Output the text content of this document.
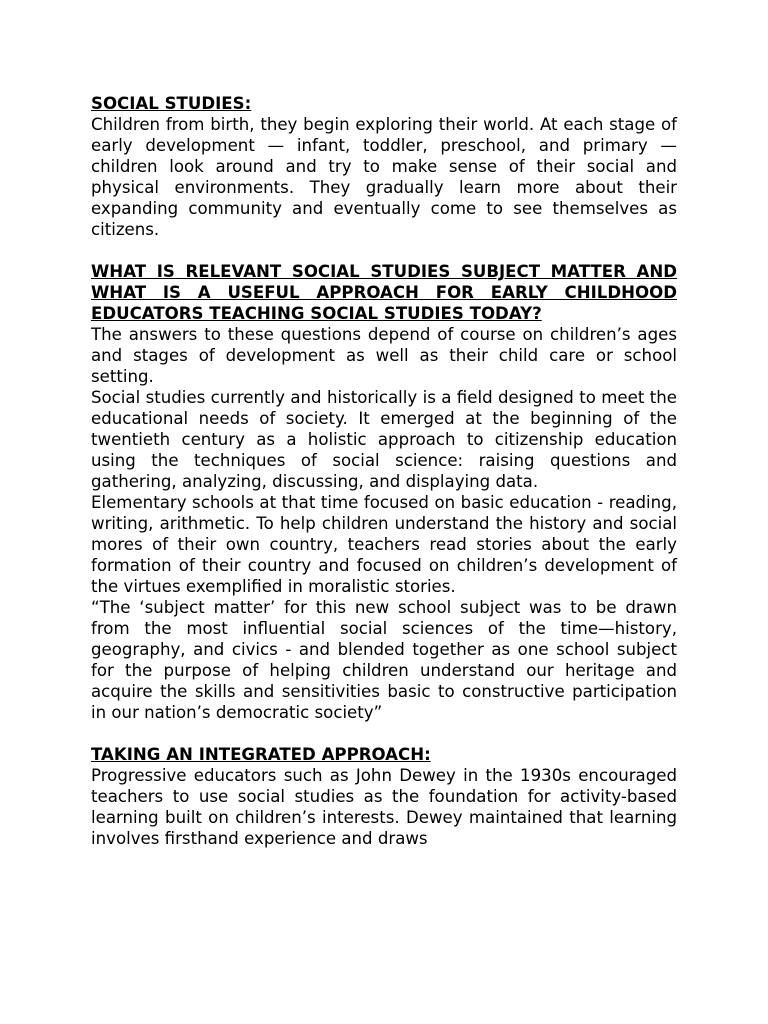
SOCIAL STUDIES:

Children from birth, they begin exploring their world. At each stage of early development — infant, toddler, preschool, and primary — children look around and try to make sense of their social and physical environments. They gradually learn more about their expanding community and eventually come to see themselves as citizens.

WHAT IS RELEVANT SOCIAL STUDIES SUBJECT MATTER AND WHAT IS A USEFUL APPROACH FOR EARLY CHILDHOOD EDUCATORS TEACHING SOCIAL STUDIES TODAY?

The answers to these questions depend of course on children’s ages and stages of development as well as their child care or school setting.

Social studies currently and historically is a field designed to meet the educational needs of society. It emerged at the beginning of the twentieth century as a holistic approach to citizenship education using the techniques of social science: raising questions and gathering, analyzing, discussing, and displaying data.

Elementary schools at that time focused on basic education - reading, writing, arithmetic. To help children understand the history and social mores of their own country, teachers read stories about the early formation of their country and focused on children’s development of the virtues exemplified in moralistic stories.

“The ‘subject matter’ for this new school subject was to be drawn from the most influential social sciences of the time—history, geography, and civics - and blended together as one school subject for the purpose of helping children understand our heritage and acquire the skills and sensitivities basic to constructive participation in our nation’s democratic society”

TAKING AN INTEGRATED APPROACH:

Progressive educators such as John Dewey in the 1930s encouraged teachers to use social studies as the foundation for activity-based learning built on children’s interests. Dewey maintained that learning involves firsthand experience and draws
